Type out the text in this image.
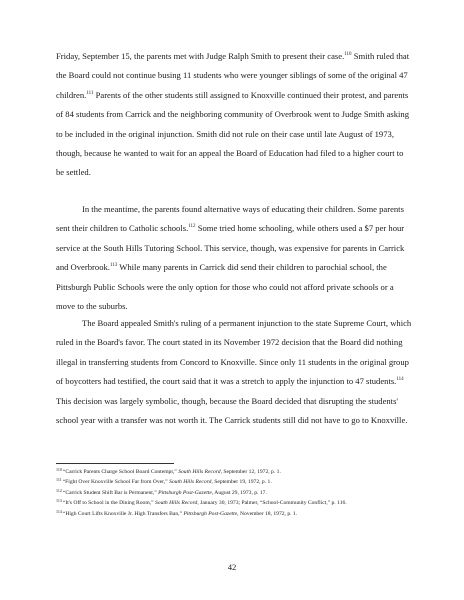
Friday, September 15, the parents met with Judge Ralph Smith to present their case.$^{110}$ Smith ruled that the Board could not continue busing 11 students who were younger siblings of some of the original 47 children.$^{111}$ Parents of the other students still assigned to Knoxville continued their protest, and parents of 84 students from Carrick and the neighboring community of Overbrook went to Judge Smith asking to be included in the original injunction. Smith did not rule on their case until late August of 1973, though, because he wanted to wait for an appeal the Board of Education had filed to a higher court to be settled.

In the meantime, the parents found alternative ways of educating their children. Some parents sent their children to Catholic schools.$^{112}$ Some tried home schooling, while others used a $7 per hour service at the South Hills Tutoring School. This service, though, was expensive for parents in Carrick and Overbrook.$^{113}$ While many parents in Carrick did send their children to parochial school, the Pittsburgh Public Schools were the only option for those who could not afford private schools or a move to the suburbs.

The Board appealed Smith's ruling of a permanent injunction to the state Supreme Court, which ruled in the Board's favor. The court stated in its November 1972 decision that the Board did nothing illegal in transferring students from Concord to Knoxville. Since only 11 students in the original group of boycotters had testified, the court said that it was a stretch to apply the injunction to 47 students.$^{114}$ This decision was largely symbolic, though, because the Board decided that disrupting the students' school year with a transfer was not worth it. The Carrick students still did not have to go to Knoxville.

$^{110}$“Carrick Parents Charge School Board Contempt,” South Hills Record, September 12, 1972, p. 1.
$^{111}$“Fight Over Knoxville School Far from Over,” South Hills Record, September 19, 1972, p. 1.
$^{112}$“Carrick Student Shift Bar is Permanent,” Pittsburgh Post-Gazette, August 29, 1973, p. 17.
$^{113}$“It's Off to School in the Dining Room,” South Hills Record, January 30, 1973; Palmer, “School-Community Conflict,” p. 116.
$^{114}$“High Court Lifts Knoxville Jr. High Transfers Ban,” Pittsburgh Post-Gazette, November 18, 1972, p. 1.
42
